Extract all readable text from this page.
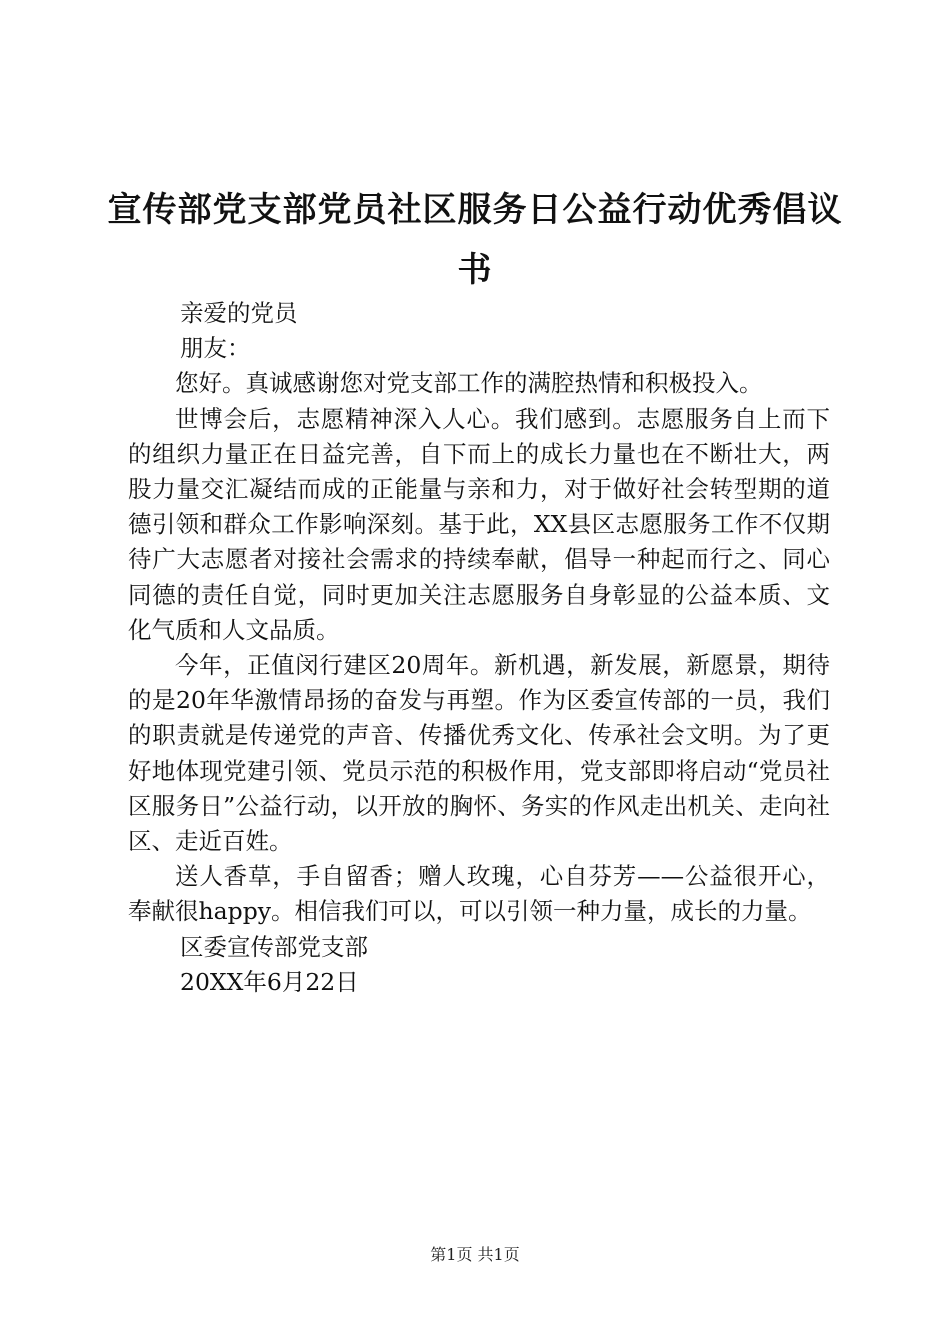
宣传部党支部党员社区服务日公益行动优秀倡议书

亲爱的党员

朋友：

您好。真诚感谢您对党支部工作的满腔热情和积极投入。

世博会后，志愿精神深入人心。我们感到。志愿服务自上而下的组织力量正在日益完善，自下而上的成长力量也在不断壮大，两股力量交汇凝结而成的正能量与亲和力，对于做好社会转型期的道德引领和群众工作影响深刻。基于此，XX县区志愿服务工作不仅期待广大志愿者对接社会需求的持续奉献，倡导一种起而行之、同心同德的责任自觉，同时更加关注志愿服务自身彰显的公益本质、文化气质和人文品质。

今年，正值闵行建区20周年。新机遇，新发展，新愿景，期待的是20年华激情昂扬的奋发与再塑。作为区委宣传部的一员，我们的职责就是传递党的声音、传播优秀文化、传承社会文明。为了更好地体现党建引领、党员示范的积极作用，党支部即将启动“党员社区服务日”公益行动，以开放的胸怀、务实的作风走出机关、走向社区、走近百姓。

送人香草，手自留香；赠人玫瑰，心自芬芳——公益很开心，奉献很happy。相信我们可以，可以引领一种力量，成长的力量。

区委宣传部党支部

20XX年6月22日

第1页 共1页
